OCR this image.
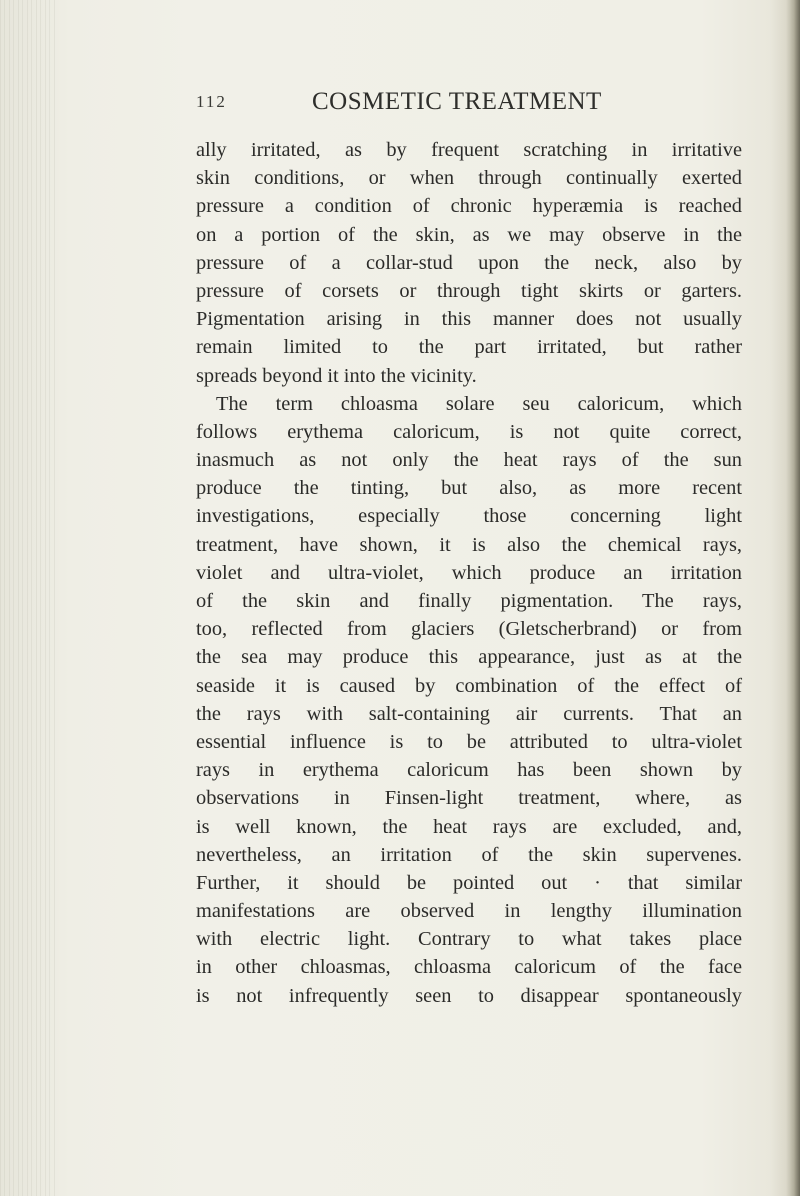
112	COSMETIC TREATMENT
ally irritated, as by frequent scratching in irritative
skin conditions, or when through continually exerted
pressure a condition of chronic hyperæmia is reached
on a portion of the skin, as we may observe in the
pressure of a collar-stud upon the neck, also by
pressure of corsets or through tight skirts or garters.
Pigmentation arising in this manner does not usually
remain limited to the part irritated, but rather
spreads beyond it into the vicinity.
The term chloasma solare seu caloricum, which
follows erythema caloricum, is not quite correct,
inasmuch as not only the heat rays of the sun
produce the tinting, but also, as more recent
investigations, especially those concerning light
treatment, have shown, it is also the chemical rays,
violet and ultra-violet, which produce an irritation
of the skin and finally pigmentation. The rays,
too, reflected from glaciers (Gletscherbrand) or from
the sea may produce this appearance, just as at the
seaside it is caused by combination of the effect of
the rays with salt-containing air currents. That an
essential influence is to be attributed to ultra-violet
rays in erythema caloricum has been shown by
observations in Finsen-light treatment, where, as
is well known, the heat rays are excluded, and,
nevertheless, an irritation of the skin supervenes.
Further, it should be pointed out · that similar
manifestations are observed in lengthy illumination
with electric light. Contrary to what takes place
in other chloasmas, chloasma caloricum of the face
is not infrequently seen to disappear spontaneously
